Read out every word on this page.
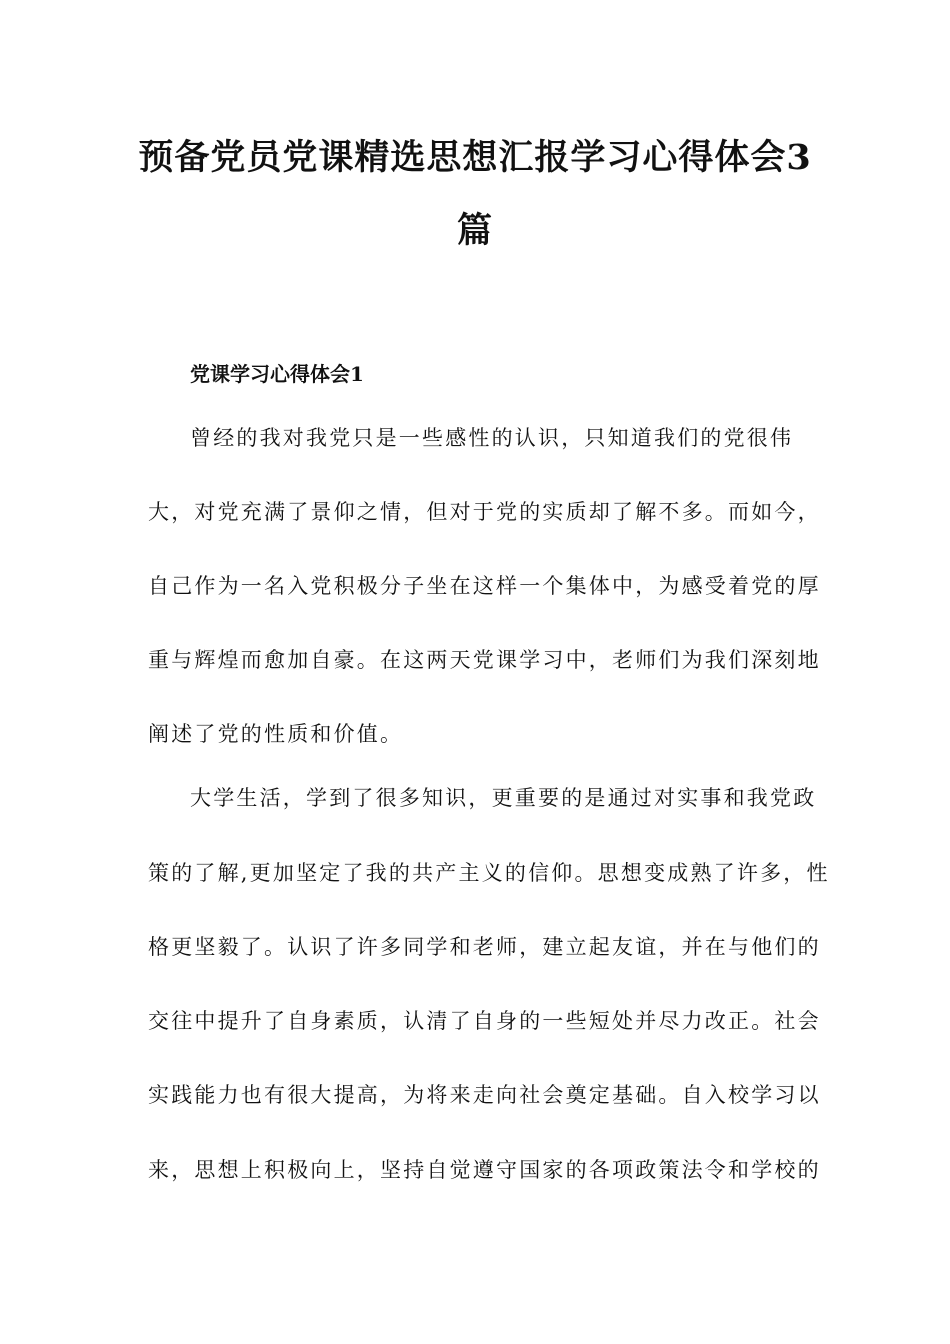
预备党员党课精选思想汇报学习心得体会3
篇
党课学习心得体会1

曾经的我对我党只是一些感性的认识，只知道我们的党很伟

大，对党充满了景仰之情，但对于党的实质却了解不多。而如今，

自己作为一名入党积极分子坐在这样一个集体中，为感受着党的厚

重与辉煌而愈加自豪。在这两天党课学习中，老师们为我们深刻地

阐述了党的性质和价值。

大学生活，学到了很多知识，更重要的是通过对实事和我党政

策的了解,更加坚定了我的共产主义的信仰。思想变成熟了许多，性

格更坚毅了。认识了许多同学和老师，建立起友谊，并在与他们的

交往中提升了自身素质，认清了自身的一些短处并尽力改正。社会

实践能力也有很大提高，为将来走向社会奠定基础。自入校学习以

来，思想上积极向上，坚持自觉遵守国家的各项政策法令和学校的
